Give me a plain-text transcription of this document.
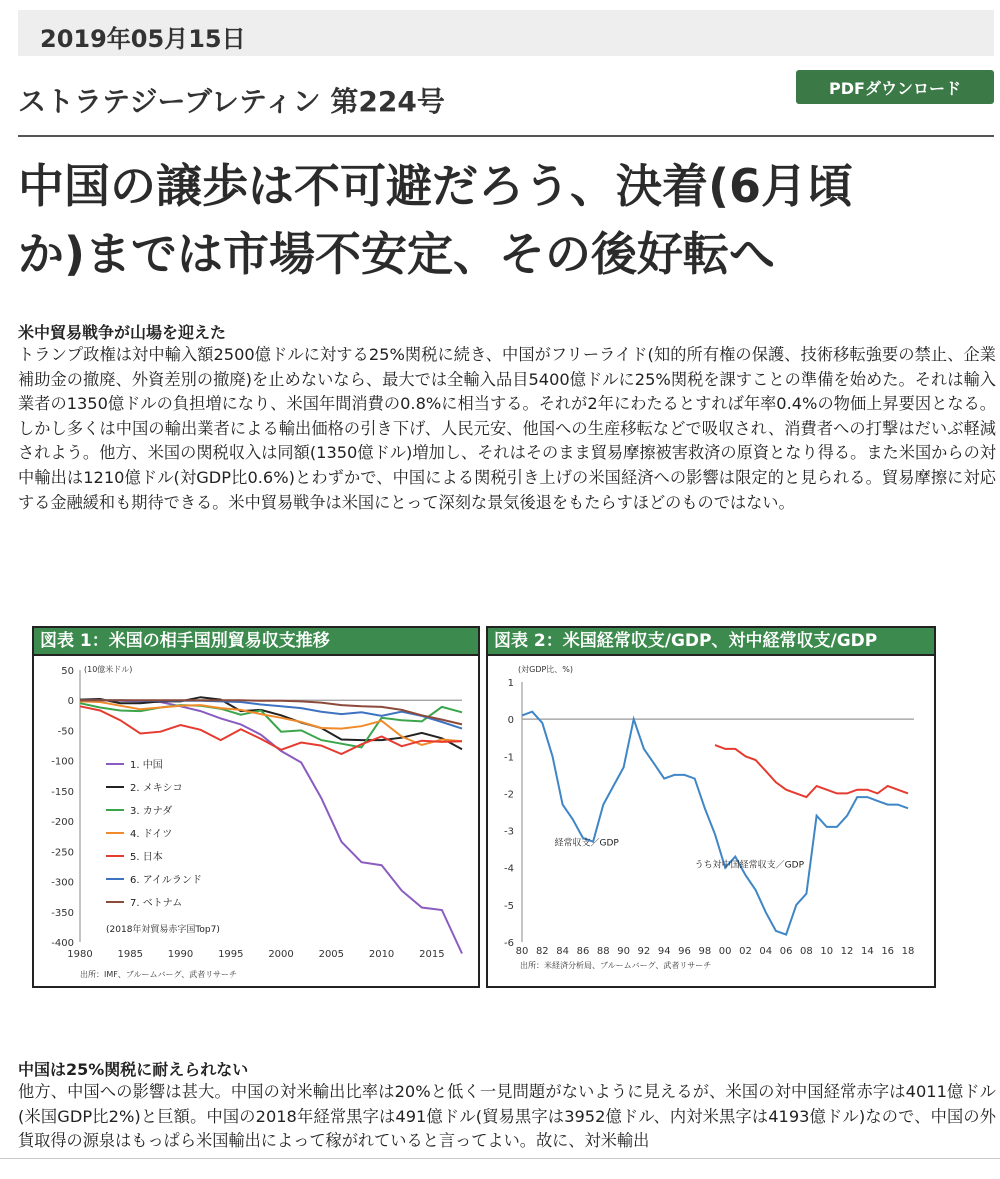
2019年05月15日
ストラテジーブレティン 第224号	PDFダウンロード
中国の譲歩は不可避だろう、決着(6月頃
か)までは市場不安定、その後好転へ
米中貿易戦争が山場を迎えた

トランプ政権は対中輸入額2500億ドルに対する25%関税に続き、中国がフリーライド(知的所有権の保護、技術移転強要の禁止、企業補助金の撤廃、外資差別の撤廃)を止めないなら、最大では全輸入品目5400億ドルに25%関税を課すことの準備を始めた。それは輸入業者の1350億ドルの負担増になり、米国年間消費の0.8%に相当する。それが2年にわたるとすれば年率0.4%の物価上昇要因となる。しかし多くは中国の輸出業者による輸出価格の引き下げ、人民元安、他国への生産移転などで吸収され、消費者への打撃はだいぶ軽減されよう。他方、米国の関税収入は同額(1350億ドル)増加し、それはそのまま貿易摩擦被害救済の原資となり得る。また米国からの対中輸出は1210億ドル(対GDP比0.6%)とわずかで、中国による関税引き上げの米国経済への影響は限定的と見られる。貿易摩擦に対応する金融緩和も期待できる。米中貿易戦争は米国にとって深刻な景気後退をもたらすほどのものではない。

図表 1：米国の相手国別貿易収支推移
(10億米ドル)
50
0
-50
-100
-150
-200
-250
-300
-350
-400
1980 1985 1990 1995 2000 2005 2010 2015
1. 中国
2. メキシコ
3. カナダ
4. ドイツ
5. 日本
6. アイルランド
7. ベトナム
(2018年対貿易赤字国Top7)
出所：IMF、ブルームバーグ、武者リサーチ
図表 2：米国経常収支/GDP、対中経常収支/GDP
(対GDP比、%)
1
0
-1
-2
-3
-4
-5
-6
80 82 84 86 88 90 92 94 96 98 00 02 04 06 08 10 12 14 16 18
うち対中国経常収支／GDP
経常収支／GDP
出所：米経済分析局、ブルームバーグ、武者リサーチ
中国は25%関税に耐えられない

他方、中国への影響は甚大。中国の対米輸出比率は20%と低く一見問題がないように見えるが、米国の対中国経常赤字は4011億ドル(米国GDP比2%)と巨額。中国の2018年経常黒字は491億ドル(貿易黒字は3952億ドル、内対米黒字は4193億ドル)なので、中国の外貨取得の源泉はもっぱら米国輸出によって稼がれていると言ってよい。故に、対米輸出
